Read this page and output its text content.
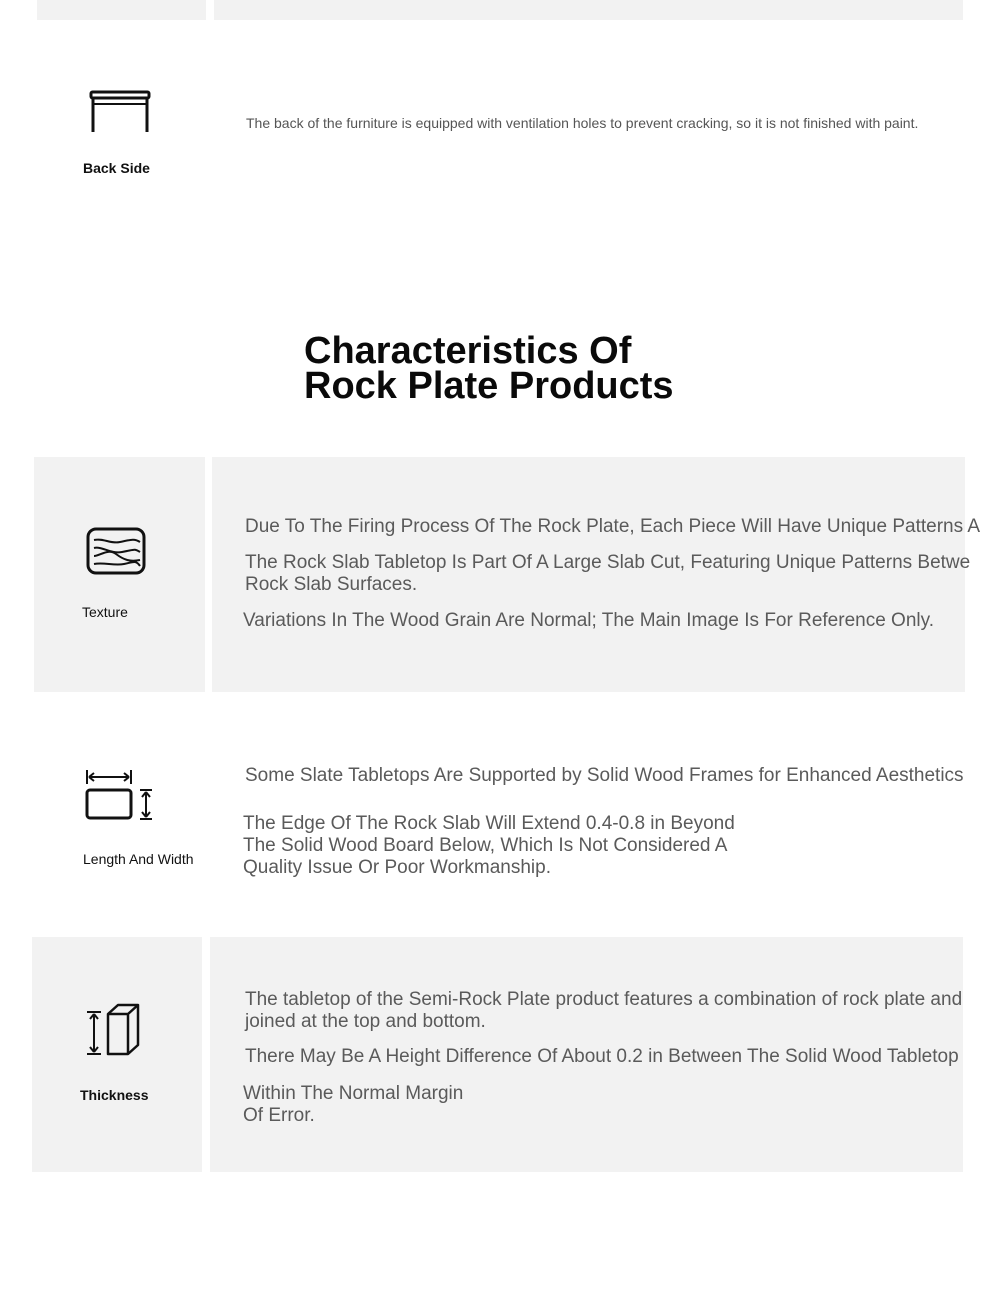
Back Side
The back of the furniture is equipped with ventilation holes to prevent cracking, so it is not finished with paint.
Characteristics Of
Rock Plate Products
Texture
Due To The Firing Process Of The Rock Plate, Each Piece Will Have Unique Patterns A
The Rock Slab Tabletop Is Part Of A Large Slab Cut, Featuring Unique Patterns Betwe
Rock Slab Surfaces.
Variations In The Wood Grain Are Normal; The Main Image Is For Reference Only.
Length And Width
Some Slate Tabletops Are Supported by Solid Wood Frames for Enhanced Aesthetics
The Edge Of The Rock Slab Will Extend 0.4-0.8 in Beyond
The Solid Wood Board Below, Which Is Not Considered A
Quality Issue Or Poor Workmanship.
Thickness
The tabletop of the Semi-Rock Plate product features a combination of rock plate and
joined at the top and bottom.
There May Be A Height Difference Of About 0.2 in Between The Solid Wood Tabletop
Within The Normal Margin
Of Error.
